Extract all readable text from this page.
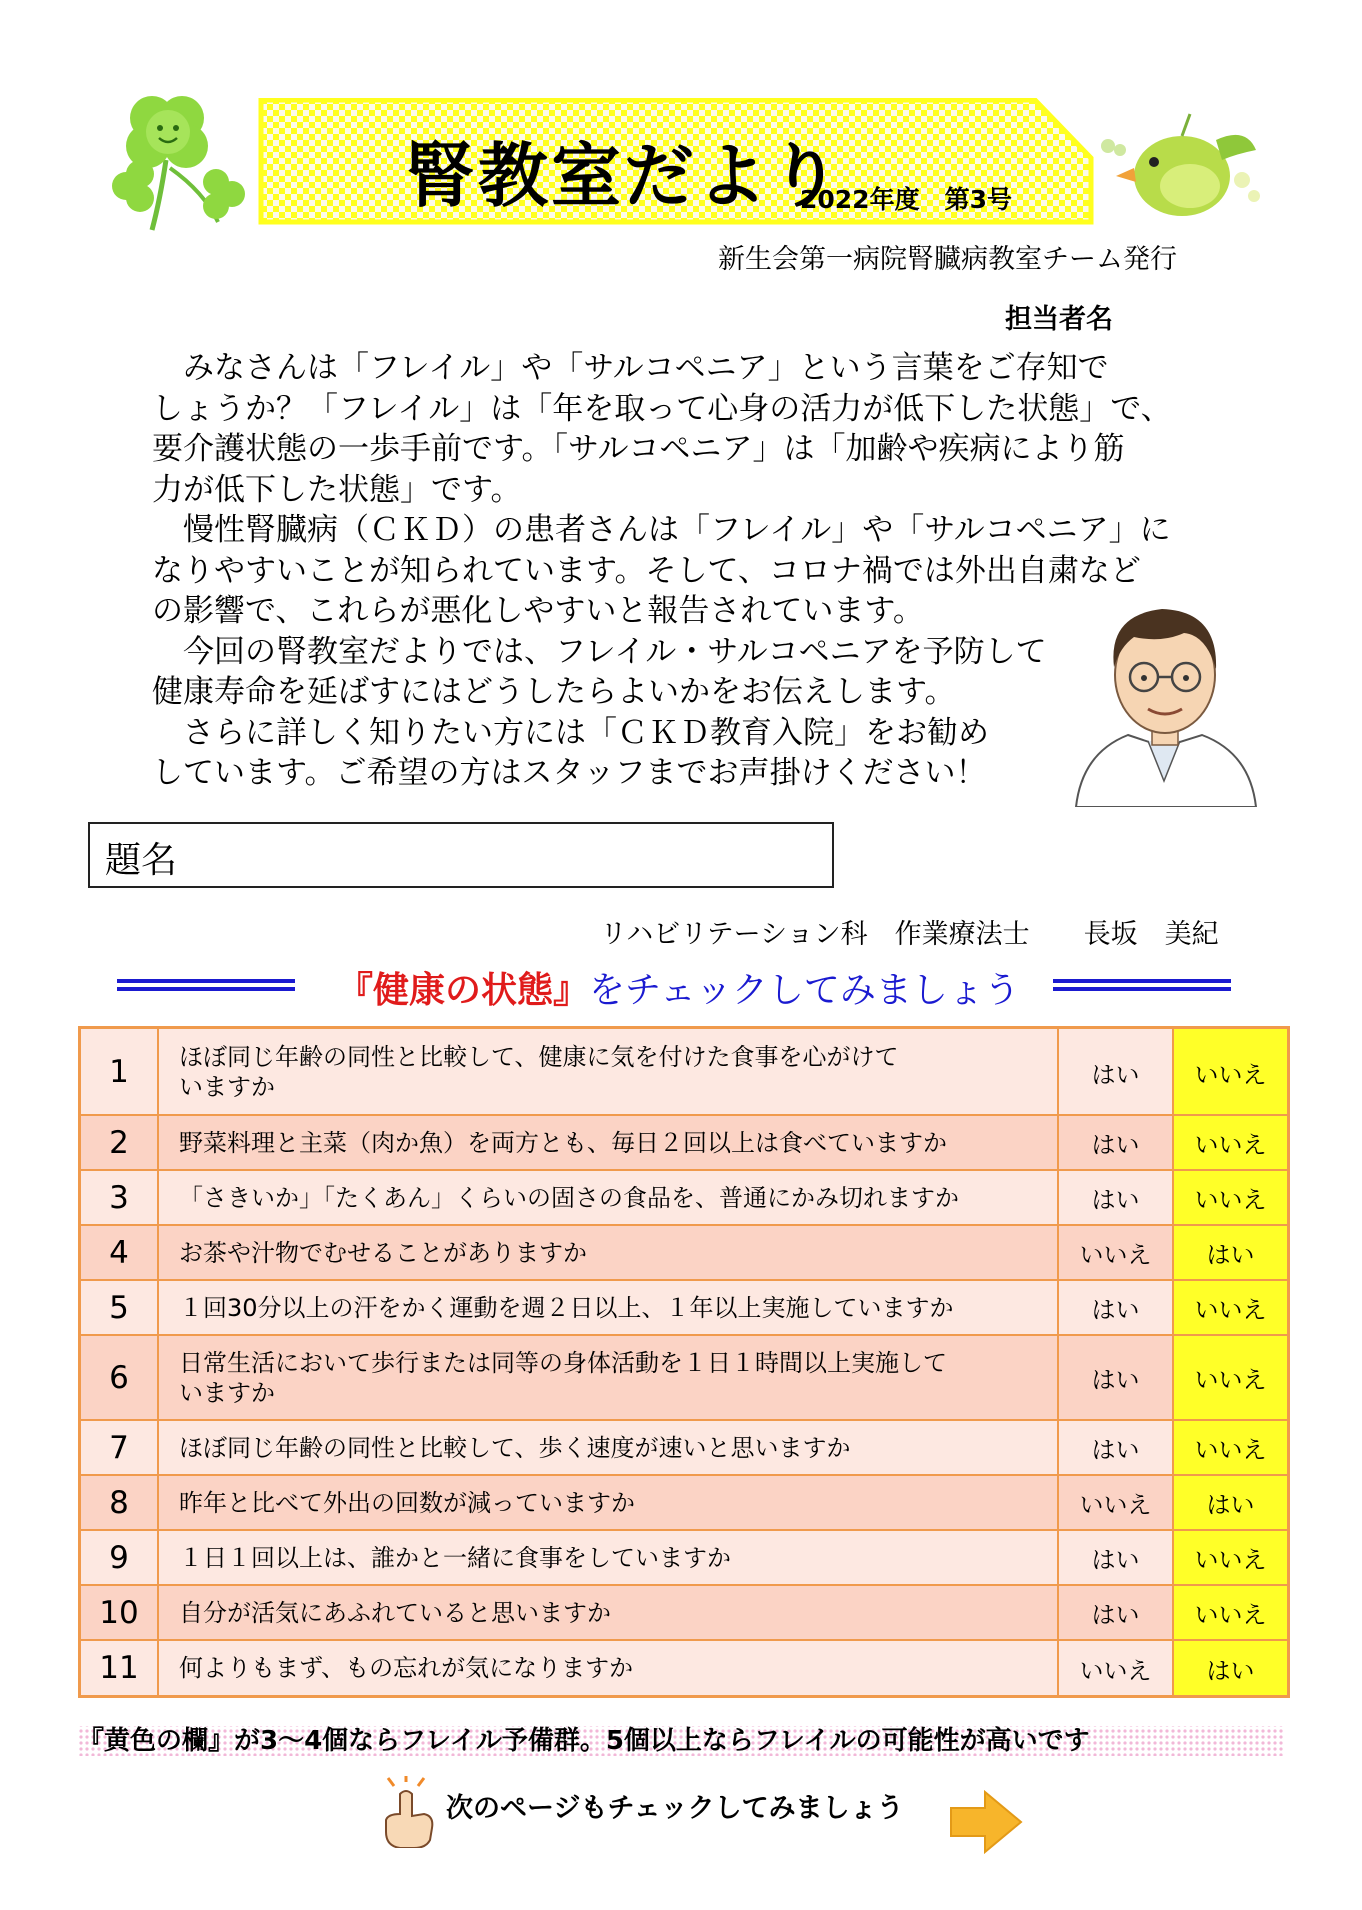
腎教室だより
2022年度　第3号
新生会第一病院腎臓病教室チーム発行
担当者名

　みなさんは「フレイル」や「サルコペニア」という言葉をご存知で

しょうか？「フレイル」は「年を取って心身の活力が低下した状態」で、

要介護状態の一歩手前です。「サルコペニア」は「加齢や疾病により筋

力が低下した状態」です。

　慢性腎臓病（ＣＫＤ）の患者さんは「フレイル」や「サルコペニア」に

なりやすいことが知られています。そして、コロナ禍では外出自粛など

の影響で、これらが悪化しやすいと報告されています。

　今回の腎教室だよりでは、フレイル・サルコペニアを予防して

健康寿命を延ばすにはどうしたらよいかをお伝えします。

　さらに詳しく知りたい方には「ＣＫＤ教育入院」をお勧め

しています。ご希望の方はスタッフまでお声掛けください！

題名
リハビリテーション科　作業療法士　　長坂　美紀
『健康の状態』をチェックしてみましょう
1	ほぼ同じ年齢の同性と比較して、健康に気を付けた食事を心がけて
いますか	はい	いいえ
2	野菜料理と主菜（肉か魚）を両方とも、毎日２回以上は食べていますか	はい	いいえ
3	「さきいか」「たくあん」くらいの固さの食品を、普通にかみ切れますか	はい	いいえ
4	お茶や汁物でむせることがありますか	いいえ	はい
5	１回30分以上の汗をかく運動を週２日以上、１年以上実施していますか	はい	いいえ
6	日常生活において歩行または同等の身体活動を１日１時間以上実施して
いますか	はい	いいえ
7	ほぼ同じ年齢の同性と比較して、歩く速度が速いと思いますか	はい	いいえ
8	昨年と比べて外出の回数が減っていますか	いいえ	はい
9	１日１回以上は、誰かと一緒に食事をしていますか	はい	いいえ
10	自分が活気にあふれていると思いますか	はい	いいえ
11	何よりもまず、もの忘れが気になりますか	いいえ	はい
『黄色の欄』が3～4個ならフレイル予備群。5個以上ならフレイルの可能性が高いです
次のページもチェックしてみましょう
